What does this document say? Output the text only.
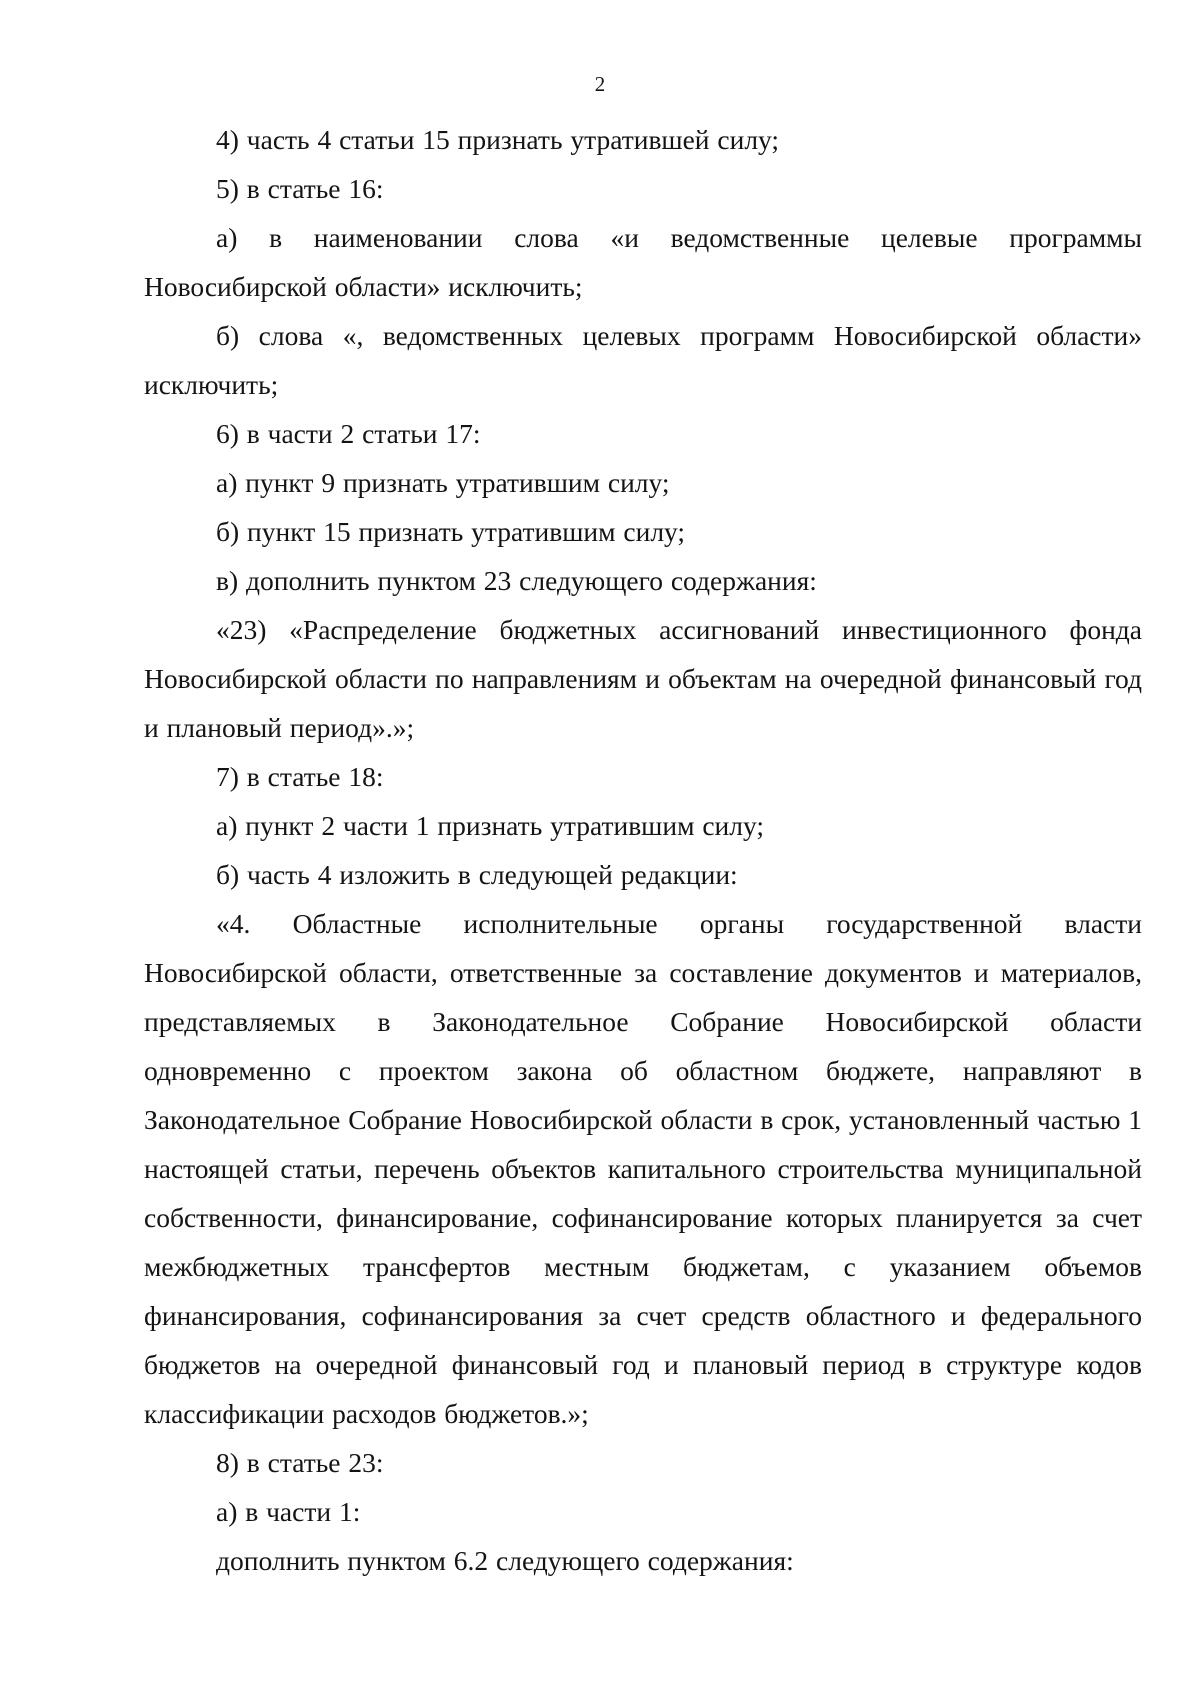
2

4) часть 4 статьи 15 признать утратившей силу;

5) в статье 16:

а) в наименовании слова «и ведомственные целевые программы Новосибирской области» исключить;

б) слова «, ведомственных целевых программ Новосибирской области» исключить;

6) в части 2 статьи 17:

а) пункт 9 признать утратившим силу;

б) пункт 15 признать утратившим силу;

в) дополнить пунктом 23 следующего содержания:

«23) «Распределение бюджетных ассигнований инвестиционного фонда Новосибирской области по направлениям и объектам на очередной финансовый год и плановый период».»;

7) в статье 18:

а) пункт 2 части 1 признать утратившим силу;

б) часть 4 изложить в следующей редакции:

«4. Областные исполнительные органы государственной власти Новосибирской области, ответственные за составление документов и материалов, представляемых в Законодательное Собрание Новосибирской области одновременно с проектом закона об областном бюджете, направляют в Законодательное Собрание Новосибирской области в срок, установленный частью 1 настоящей статьи, перечень объектов капитального строительства муниципальной собственности, финансирование, софинансирование которых планируется за счет межбюджетных трансфертов местным бюджетам, с указанием объемов финансирования, софинансирования за счет средств областного и федерального бюджетов на очередной финансовый год и плановый период в структуре кодов классификации расходов бюджетов.»;

8) в статье 23:

а) в части 1:

дополнить пунктом 6.2 следующего содержания:
